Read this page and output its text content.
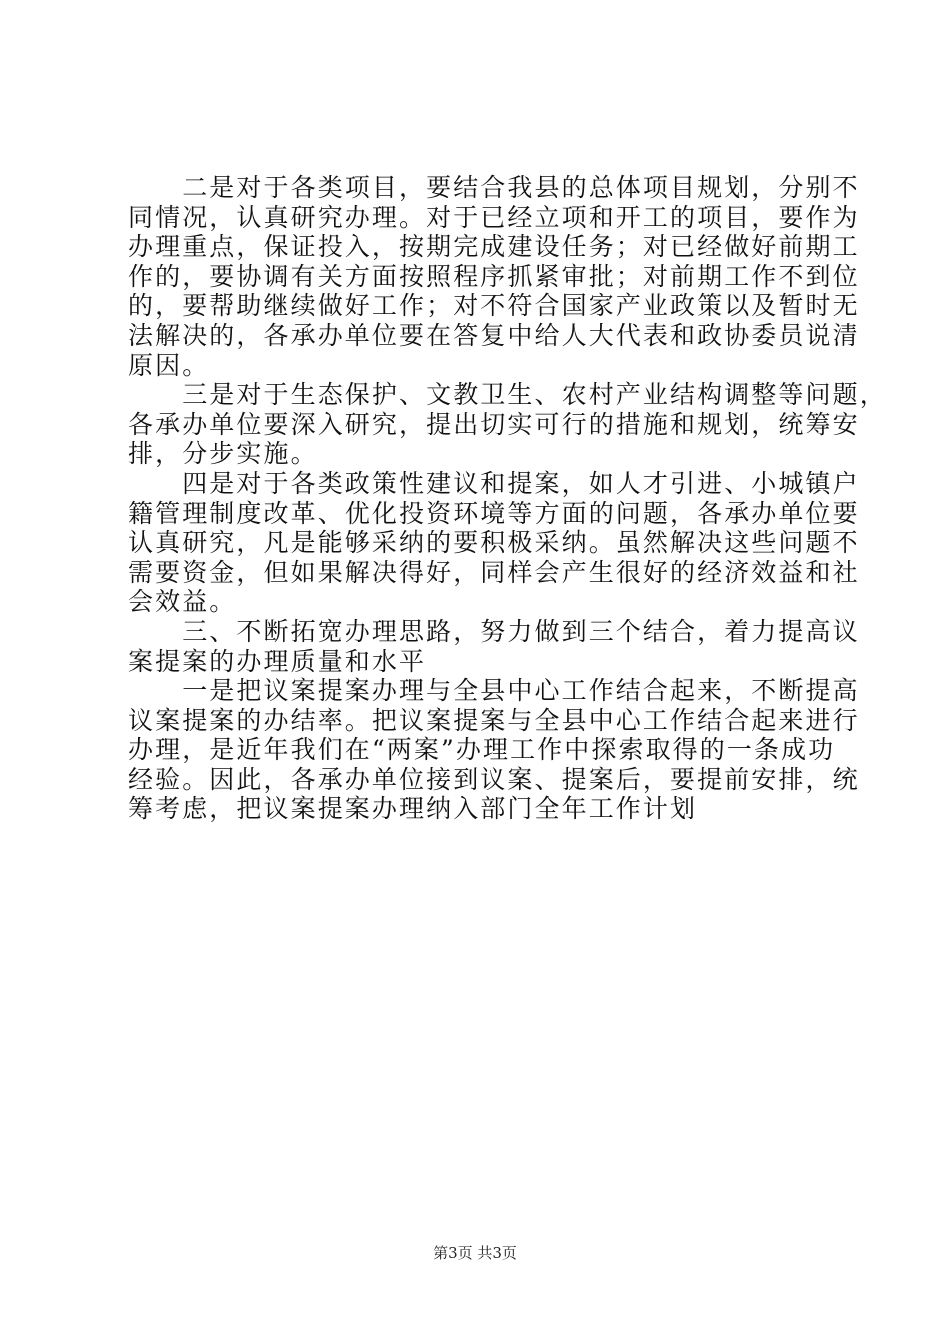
　　二是对于各类项目，要结合我县的总体项目规划，分别不
同情况，认真研究办理。对于已经立项和开工的项目，要作为
办理重点，保证投入，按期完成建设任务；对已经做好前期工
作的，要协调有关方面按照程序抓紧审批；对前期工作不到位
的，要帮助继续做好工作；对不符合国家产业政策以及暂时无
法解决的，各承办单位要在答复中给人大代表和政协委员说清
原因。
　　三是对于生态保护、文教卫生、农村产业结构调整等问题，
各承办单位要深入研究，提出切实可行的措施和规划，统筹安
排，分步实施。
　　四是对于各类政策性建议和提案，如人才引进、小城镇户
籍管理制度改革、优化投资环境等方面的问题，各承办单位要
认真研究，凡是能够采纳的要积极采纳。虽然解决这些问题不
需要资金，但如果解决得好，同样会产生很好的经济效益和社
会效益。
　　三、不断拓宽办理思路，努力做到三个结合，着力提高议
案提案的办理质量和水平
　　一是把议案提案办理与全县中心工作结合起来，不断提高
议案提案的办结率。把议案提案与全县中心工作结合起来进行
办理，是近年我们在“两案”办理工作中探索取得的一条成功
经验。因此，各承办单位接到议案、提案后，要提前安排，统
筹考虑，把议案提案办理纳入部门全年工作计划
第3页 共3页
